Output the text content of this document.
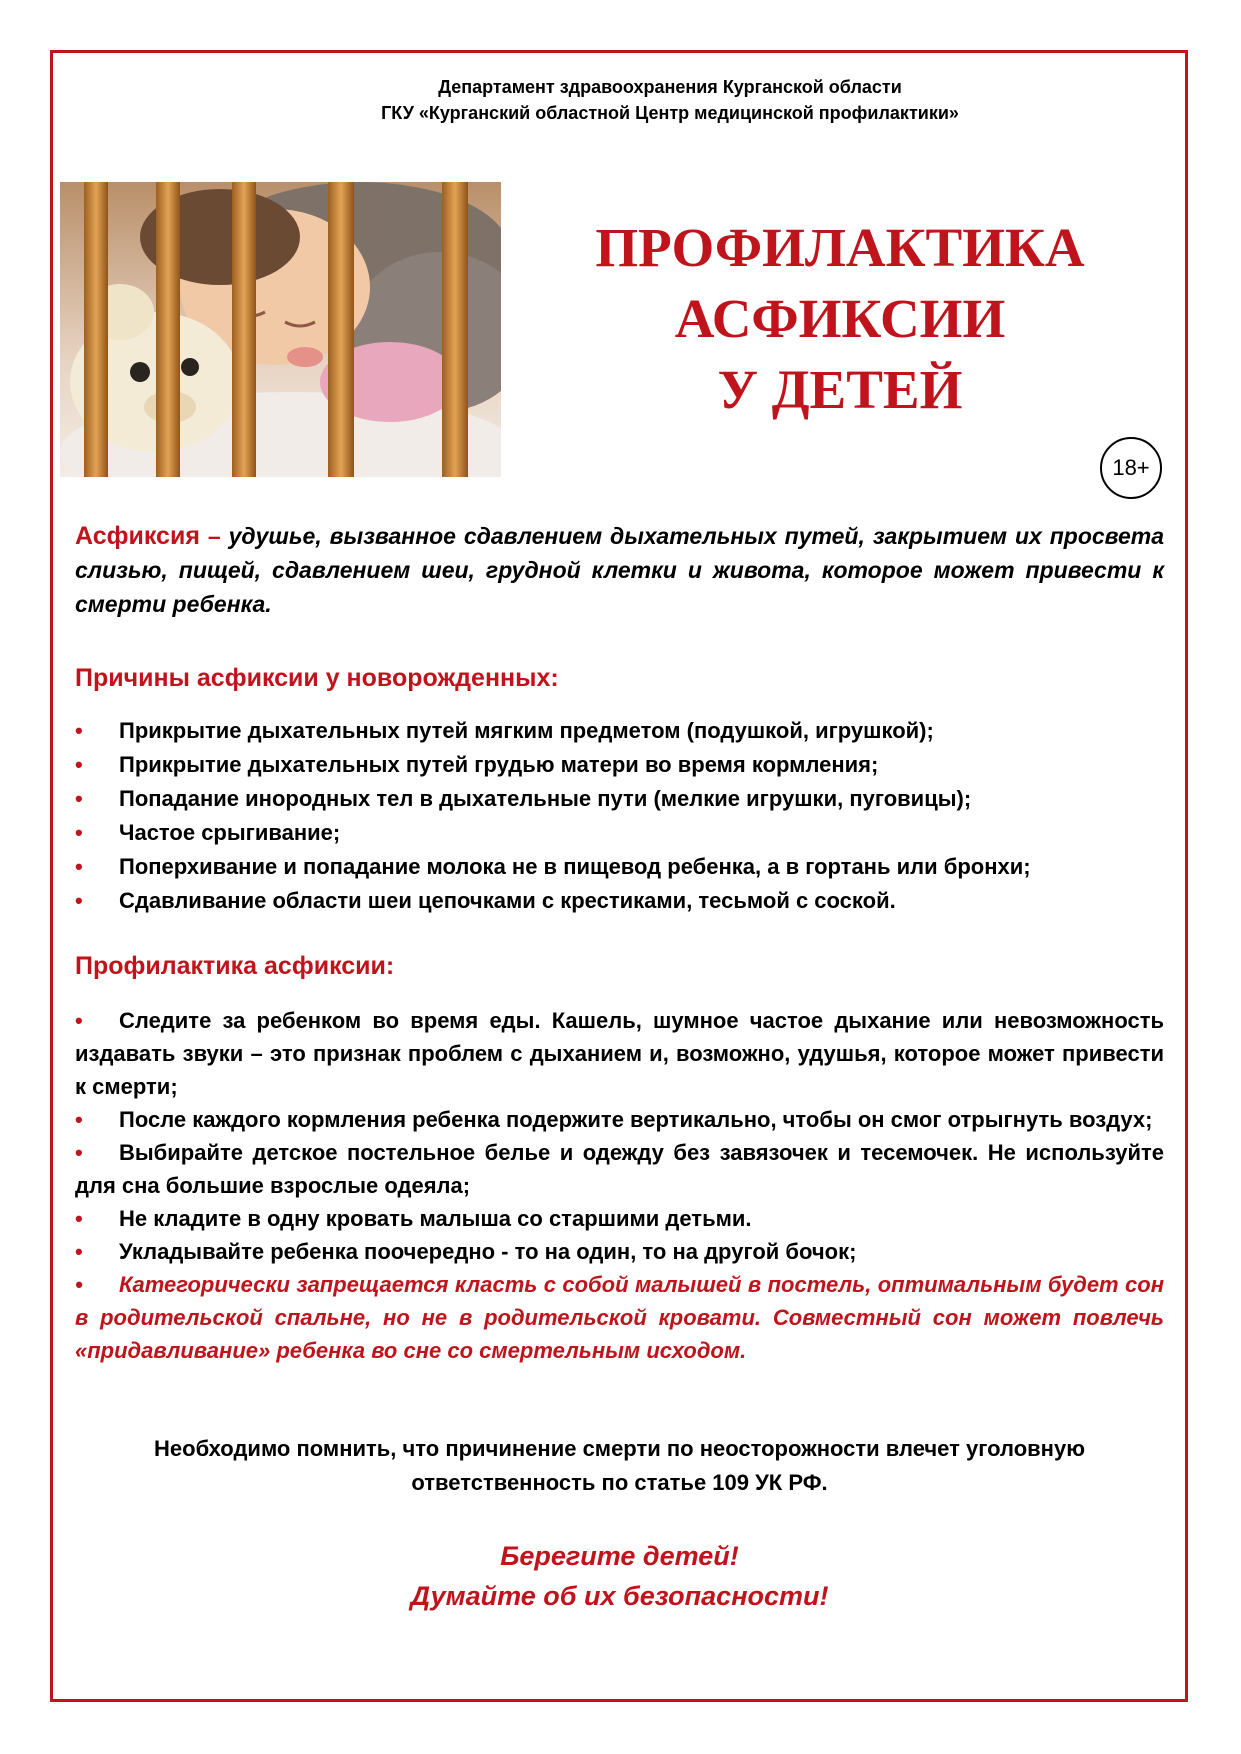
Департамент здравоохранения Курганской области
ГКУ «Курганский областной Центр медицинской профилактики»
ПРОФИЛАКТИКА
АСФИКСИИ
У ДЕТЕЙ
18+
Асфиксия – удушье, вызванное сдавлением дыхательных путей, закрытием их просвета слизью, пищей, сдавлением шеи, грудной клетки и живота, которое может привести к смерти ребенка.
Причины асфиксии у новорожденных:
• Прикрытие дыхательных путей мягким предметом (подушкой, игрушкой);
• Прикрытие дыхательных путей грудью матери во время кормления;
• Попадание инородных тел в дыхательные пути (мелкие игрушки, пуговицы);
• Частое срыгивание;
• Поперхивание и попадание молока не в пищевод ребенка, а в гортань или бронхи;
• Сдавливание области шеи цепочками с крестиками, тесьмой с соской.
Профилактика асфиксии:

• Следите за ребенком во время еды. Кашель, шумное частое дыхание или невозможность издавать звуки – это признак проблем с дыханием и, возможно, удушья, которое может привести к смерти;

• После каждого кормления ребенка подержите вертикально, чтобы он смог отрыгнуть воздух;

• Выбирайте детское постельное белье и одежду без завязочек и тесемочек. Не используйте для сна большие взрослые одеяла;

• Не кладите в одну кровать малыша со старшими детьми.

• Укладывайте ребенка поочередно - то на один, то на другой бочок;

• Категорически запрещается класть с собой малышей в постель, оптимальным будет сон в родительской спальне, но не в родительской кровати. Совместный сон может повлечь «придавливание» ребенка во сне со смертельным исходом.

Необходимо помнить, что причинение смерти по неосторожности влечет уголовную ответственность по статье 109 УК РФ.
Берегите детей!
Думайте об их безопасности!
